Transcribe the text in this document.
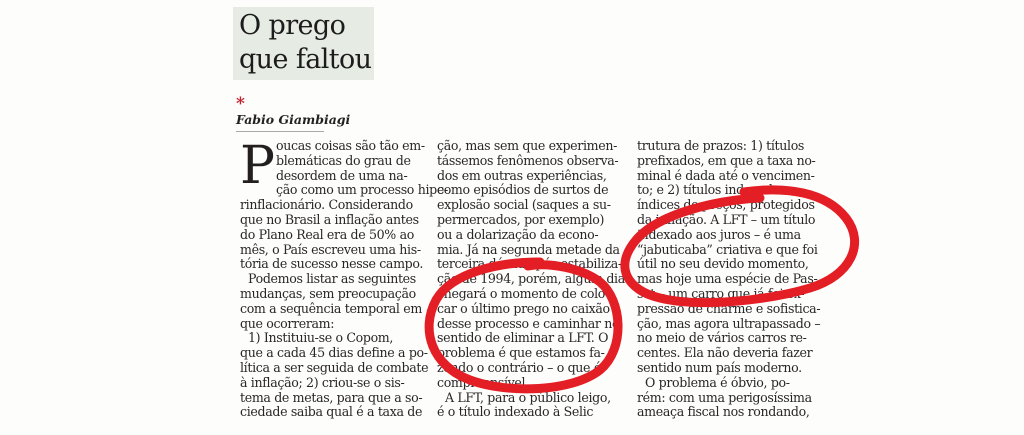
O prego
que faltou
*
Fabio Giambiagi
P oucas coisas são tão em-
blemáticas do grau de
desordem de uma na-
ção como um processo hipe-
rinflacionário. Considerando
que no Brasil a inflação antes
do Plano Real era de 50% ao
mês, o País escreveu uma his-
tória de sucesso nesse campo.
Podemos listar as seguintes
mudanças, sem preocupação
com a sequência temporal em
que ocorreram:
1) Instituiu-se o Copom,
que a cada 45 dias define a po-
lítica a ser seguida de combate
à inflação; 2) criou-se o sis-
tema de metas, para que a so-
ciedade saiba qual é a taxa de
ção, mas sem que experimen-
tássemos fenômenos observa-
dos em outras experiências,
como episódios de surtos de
explosão social (saques a su-
permercados, por exemplo)
ou a dolarização da econo-
mia. Já na segunda metade da
terceira década pós-estabiliza-
ção de 1994, porém, algum dia
chegará o momento de colo-
car o último prego no caixão
desse processo e caminhar no
sentido de eliminar a LFT. O
problema é que estamos fa-
zendo o contrário – o que é
compreensível.
A LFT, para o público leigo,
é o título indexado à Selic
trutura de prazos: 1) títulos
prefixados, em que a taxa no-
minal é dada até o vencimen-
to; e 2) títulos indexados a
índices de preços, protegidos
da inflação. A LFT – um título
indexado aos juros – é uma
“jabuticaba” criativa e que foi
útil no seu devido momento,
mas hoje uma espécie de Pas-
sat – um carro que já foi ex-
pressão de charme e sofistica-
ção, mas agora ultrapassado –
no meio de vários carros re-
centes. Ela não deveria fazer
sentido num país moderno.
O problema é óbvio, po-
rém: com uma perigosíssima
ameaça fiscal nos rondando,
